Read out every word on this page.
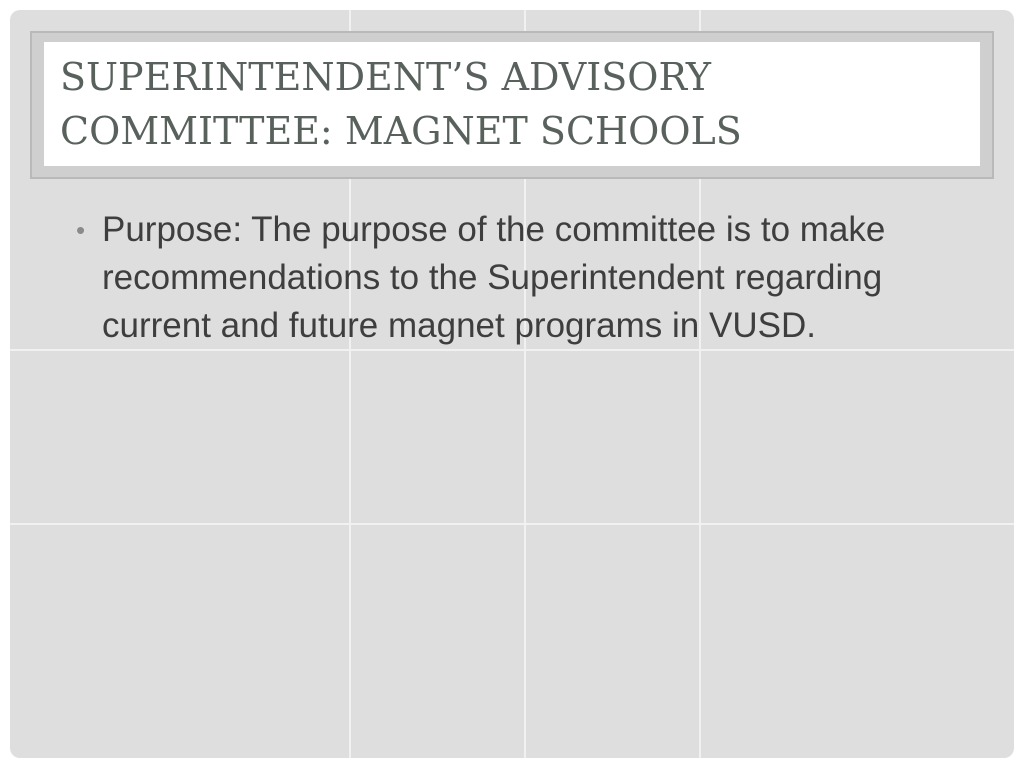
SUPERINTENDENT’S ADVISORY COMMITTEE: MAGNET SCHOOLS
• Purpose: The purpose of the committee is to make recommendations to the Superintendent regarding current and future magnet programs in VUSD.
